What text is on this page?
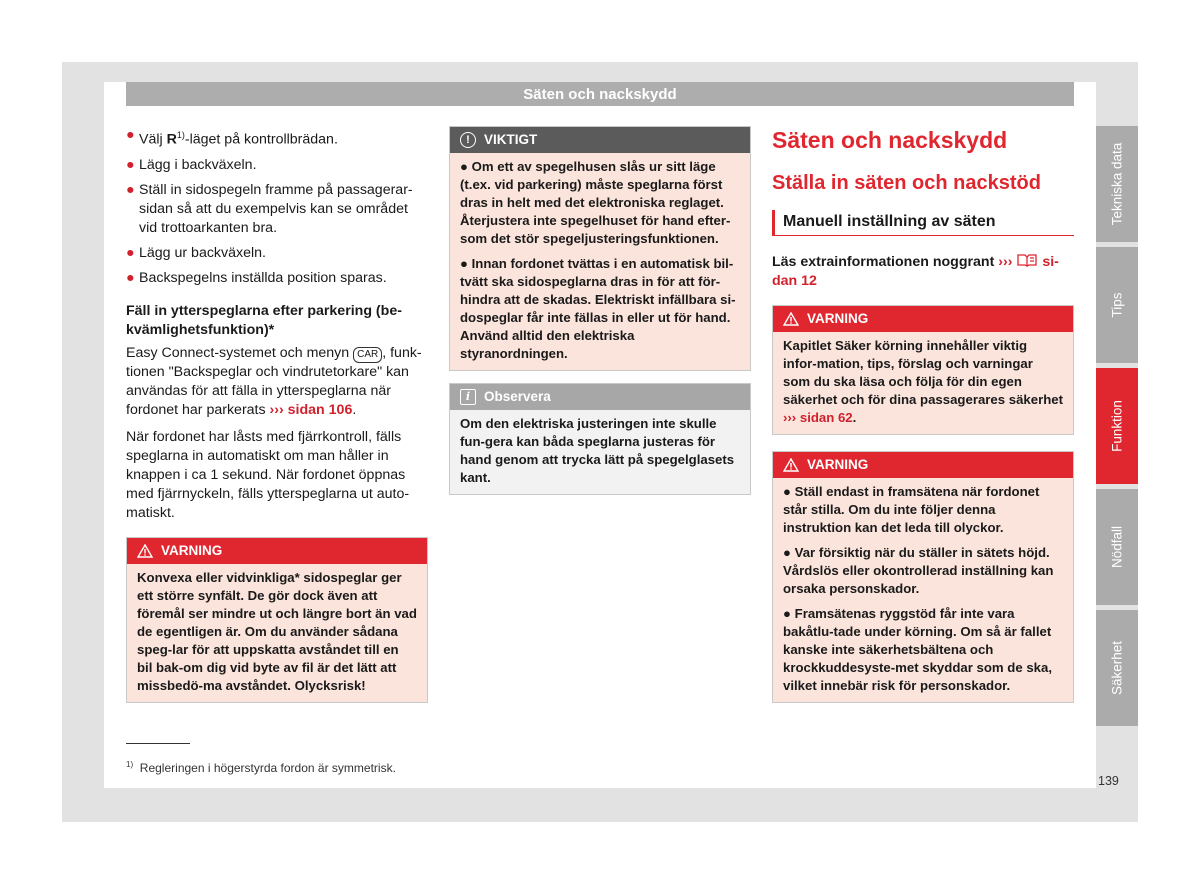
Säten och nackskydd
● Välj $R^{1)}$-läget på kontrollbrädan.
● Lägg i backväxeln.
● Ställ in sidospegeln framme på passagerar-sidan så att du exempelvis kan se området vid trottoarkanten bra.
● Lägg ur backväxeln.
● Backspegelns inställda position sparas.
Fäll in ytterspeglarna efter parkering (be-kvämlighetsfunktion)*

Easy Connect-systemet och menyn CAR , funk-tionen "Backspeglar och vindrutetorkare" kan användas för att fälla in ytterspeglarna när fordonet har parkerats ››› sidan 106.

När fordonet har låsts med fjärrkontroll, fälls speglarna in automatiskt om man håller in knappen i ca 1 sekund. När fordonet öppnas med fjärrnyckeln, fälls ytterspeglarna ut auto-matiskt.

VARNING
Konvexa eller vidvinkliga* sidospeglar ger ett större synfält. De gör dock även att föremål ser mindre ut och längre bort än vad de egentligen är. Om du använder sådana speg-lar för att uppskatta avståndet till en bil bak-om dig vid byte av fil är det lätt att missbedö-ma avståndet. Olycksrisk!
!	VIKTIGT
● Om ett av spegelhusen slås ur sitt läge (t.ex. vid parkering) måste speglarna först dras in helt med det elektroniska reglaget. Återjustera inte spegelhuset för hand efter-som det stör spegeljusteringsfunktionen.
● Innan fordonet tvättas i en automatisk bil-tvätt ska sidospeglarna dras in för att för-hindra att de skadas. Elektriskt infällbara si-dospeglar får inte fällas in eller ut för hand. Använd alltid den elektriska styranordningen.
i	Observera
Om den elektriska justeringen inte skulle fun-gera kan båda speglarna justeras för hand genom att trycka lätt på spegelglasets kant.
Säten och nackskydd
Ställa in säten och nackstöd
Manuell inställning av säten

Läs extrainformationen noggrant ››› si-dan 12

VARNING
Kapitlet Säker körning innehåller viktig infor-mation, tips, förslag och varningar som du ska läsa och följa för din egen säkerhet och för dina passagerares säkerhet ››› sidan 62.
VARNING
● Ställ endast in framsätena när fordonet står stilla. Om du inte följer denna instruktion kan det leda till olyckor.
● Var försiktig när du ställer in sätets höjd. Vårdslös eller okontrollerad inställning kan orsaka personskador.
● Framsätenas ryggstöd får inte vara bakåtlu-tade under körning. Om så är fallet kanske inte säkerhetsbältena och krockkuddesyste-met skyddar som de ska, vilket innebär risk för personskador.
Tekniska data
Tips
Funktion
Nödfall
Säkerhet
$^{1)}$ Regleringen i högerstyrda fordon är symmetrisk.
139
